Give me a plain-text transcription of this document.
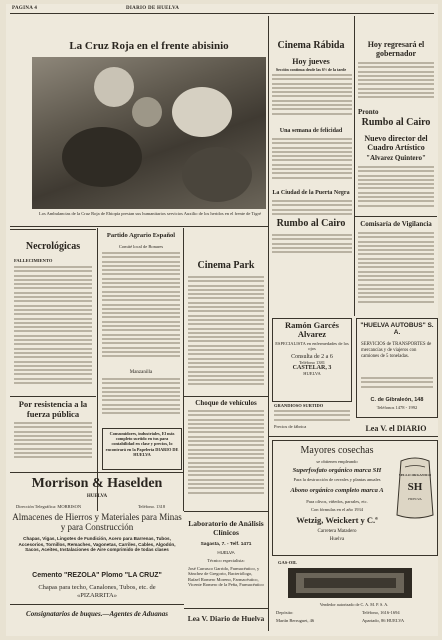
PAGINA 4	DIARIO DE HUELVA
La Cruz Roja en el frente abisinio
Los Ambulancias de la Cruz Roja de Ebiopía prestan sus humanitarios servicios Auxilio de los heridos en el frente de Tigré
Cinema Rábida
Hoy jueves
Sección continua desde las 6½ de la tarde
Una semana de felicidad
La Ciudad de la Puerta Negra
Rumbo al Cairo
Hoy regresará el gobernador
Pronto
Rumbo al Cairo
Nuevo director del Cuadro Artístico
"Alvarez Quintero"
Comisaría de Vigilancia
Necrológicas
FALLECIMIENTO
Partido Agrario Español
Comité local de Bonares
Manzanilla
Consumidores, industriales, El más completo surtido en tus para contabilidad en clase y precios, lo encontrará en la Papelería DIARIO DE HUELVA
Cinema Park
Choque de vehículos
Ramón Garcés Alvarez
ESPECIALISTA en enfermedades de los ojos
Consulta de 2 a 6
Teléfono 1381
CASTELAR, 3
HUELVA
GRANDIOSO SURTIDO
Precios de fábrica
"HUELVA AUTOBUS" S. A.
SERVICIOS de TRANSPORTES de mercancías y de viajeros con camiones de 5 toneladas.
C. de Gibraleón, 148
Teléfonos 1478 - 1992
Lea V. el DIARIO
Por resistencia a la fuerza pública
Morrison & Haselden
HUELVA
Dirección Telegráfica: MORRISON	Teléfono. 1318
Almacenes de Hierros y Materiales para Minas y para Construcción
Chapas, Vigas, Lingotes de Fundición, Acero para Barrenas, Tubos, Accesorios, Tornillos, Remaches, Vagonetas, Carriles, Cables, Algodón, Sacos, Aceites, Instalaciones de Aire comprimido de todas clases
Cemento "REZOLA" Plomo "LA CRUZ"
Chapas para techo, Canalones, Tubos, etc. de «PIZARRITA»
Consignatarios de buques.—Agentes de Aduanas
Laboratorio de Análisis Clínicos
Sagasta, 7. - Telf. 1471
HUELVA
Técnico especialista:
José Carrasco Garrido, Farmacéutico, y Sánchez de Gregorio, Bacteriólogo, Rafael Romero Moreno, Farmacéutico, Vicente Romero de la Peña, Farmacéutico
Lea V. Diario de Huelva
Mayores cosechas
se obtienen empleando
Superfosfato orgánico marca SH
Para la destrucción de cereales y plantas anuales
Abono orgánico completo marca A
Para olivos, viñedos, parrales, etc.
Con fórmulas en el año 1934
Wetzig, Weickert y C.ª
Carretera Matadero
Huelva
SELLO ORGANICO
SH
HUELVA
GAS-OIL
Vendedor autorizado de C. A. M. P. S. A.
Depósito:
Martín Berruguet, 46
Teléfono, 1616-1694
Apartado, 86 HUELVA
